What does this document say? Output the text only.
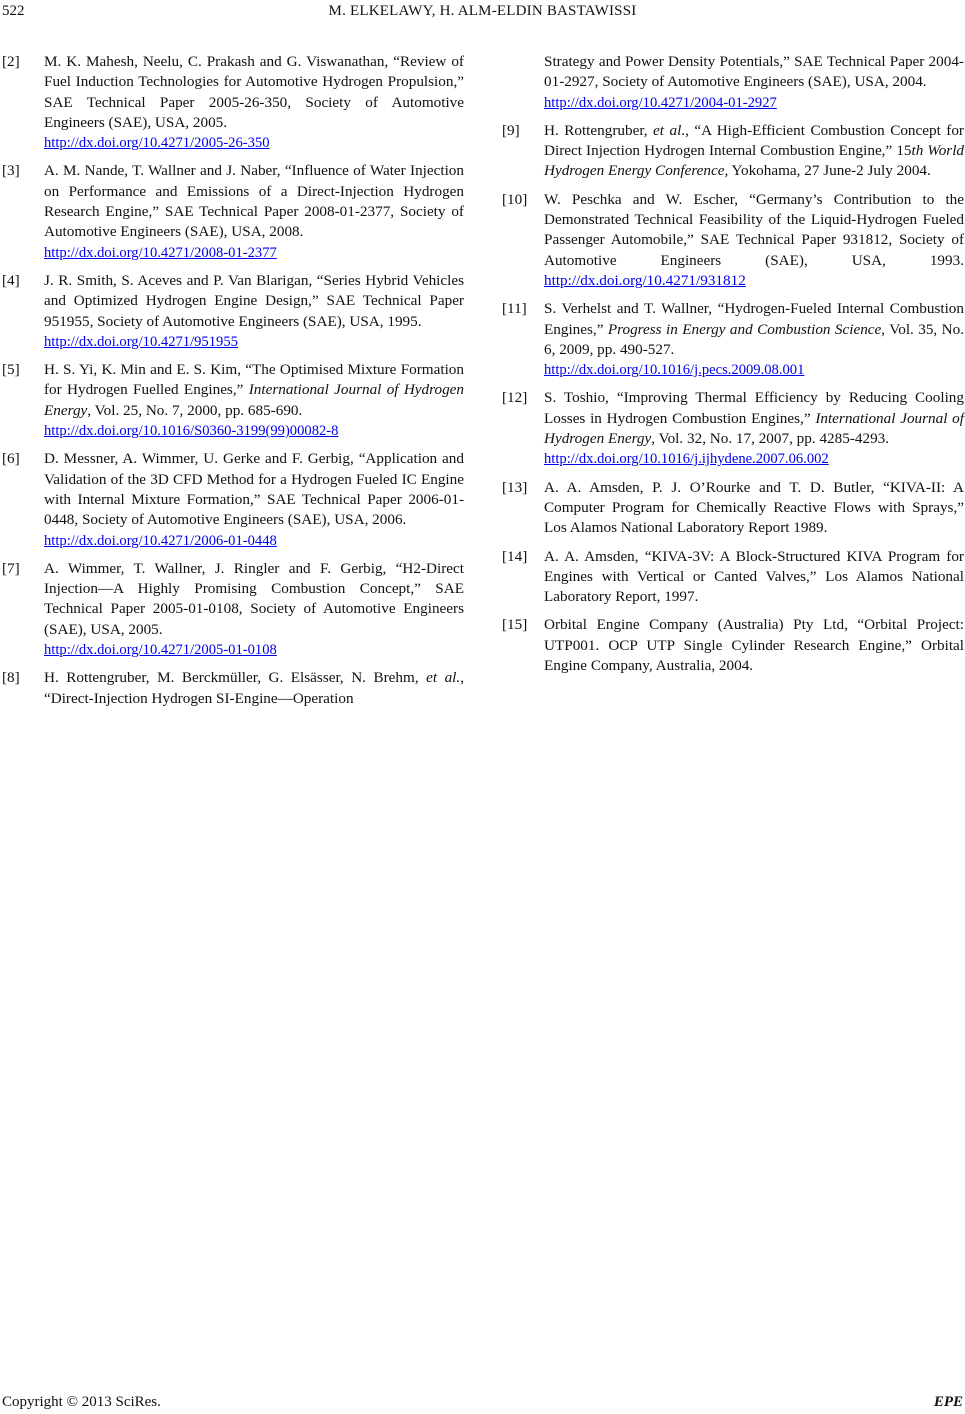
522	M. ELKELAWY, H. ALM-ELDIN BASTAWISSI
[2]	M. K. Mahesh, Neelu, C. Prakash and G. Viswanathan, “Review of Fuel Induction Technologies for Automotive Hydrogen Propulsion,” SAE Technical Paper 2005-26-350, Society of Automotive Engineers (SAE), USA, 2005.
http://dx.doi.org/10.4271/2005-26-350
[3]	A. M. Nande, T. Wallner and J. Naber, “Influence of Water Injection on Performance and Emissions of a Direct-Injection Hydrogen Research Engine,” SAE Technical Paper 2008-01-2377, Society of Automotive Engineers (SAE), USA, 2008.
http://dx.doi.org/10.4271/2008-01-2377
[4]	J. R. Smith, S. Aceves and P. Van Blarigan, “Series Hybrid Vehicles and Optimized Hydrogen Engine Design,” SAE Technical Paper 951955, Society of Automotive Engineers (SAE), USA, 1995.
http://dx.doi.org/10.4271/951955
[5]	H. S. Yi, K. Min and E. S. Kim, “The Optimised Mixture Formation for Hydrogen Fuelled Engines,” International Journal of Hydrogen Energy, Vol. 25, No. 7, 2000, pp. 685-690.
http://dx.doi.org/10.1016/S0360-3199(99)00082-8
[6]	D. Messner, A. Wimmer, U. Gerke and F. Gerbig, “Application and Validation of the 3D CFD Method for a Hydrogen Fueled IC Engine with Internal Mixture Formation,” SAE Technical Paper 2006-01-0448, Society of Automotive Engineers (SAE), USA, 2006.
http://dx.doi.org/10.4271/2006-01-0448
[7]	A. Wimmer, T. Wallner, J. Ringler and F. Gerbig, “H2-Direct Injection—A Highly Promising Combustion Concept,” SAE Technical Paper 2005-01-0108, Society of Automotive Engineers (SAE), USA, 2005.
http://dx.doi.org/10.4271/2005-01-0108
[8]	H. Rottengruber, M. Berckmüller, G. Elsässer, N. Brehm, et al., “Direct-Injection Hydrogen SI-Engine—Operation
Strategy and Power Density Potentials,” SAE Technical Paper 2004-01-2927, Society of Automotive Engineers (SAE), USA, 2004.
http://dx.doi.org/10.4271/2004-01-2927
[9]	H. Rottengruber, et al., “A High-Efficient Combustion Concept for Direct Injection Hydrogen Internal Combustion Engine,” 15th World Hydrogen Energy Conference, Yokohama, 27 June-2 July 2004.
[10]	W. Peschka and W. Escher, “Germany’s Contribution to the Demonstrated Technical Feasibility of the Liquid-Hydrogen Fueled Passenger Automobile,” SAE Technical Paper 931812, Society of Automotive Engineers (SAE), USA, 1993. http://dx.doi.org/10.4271/931812
[11]	S. Verhelst and T. Wallner, “Hydrogen-Fueled Internal Combustion Engines,” Progress in Energy and Combustion Science, Vol. 35, No. 6, 2009, pp. 490-527.
http://dx.doi.org/10.1016/j.pecs.2009.08.001
[12]	S. Toshio, “Improving Thermal Efficiency by Reducing Cooling Losses in Hydrogen Combustion Engines,” International Journal of Hydrogen Energy, Vol. 32, No. 17, 2007, pp. 4285-4293.
http://dx.doi.org/10.1016/j.ijhydene.2007.06.002
[13]	A. A. Amsden, P. J. O’Rourke and T. D. Butler, “KIVA-II: A Computer Program for Chemically Reactive Flows with Sprays,” Los Alamos National Laboratory Report 1989.
[14]	A. A. Amsden, “KIVA-3V: A Block-Structured KIVA Program for Engines with Vertical or Canted Valves,” Los Alamos National Laboratory Report, 1997.
[15]	Orbital Engine Company (Australia) Pty Ltd, “Orbital Project: UTP001. OCP UTP Single Cylinder Research Engine,” Orbital Engine Company, Australia, 2004.
Copyright © 2013 SciRes.	EPE
